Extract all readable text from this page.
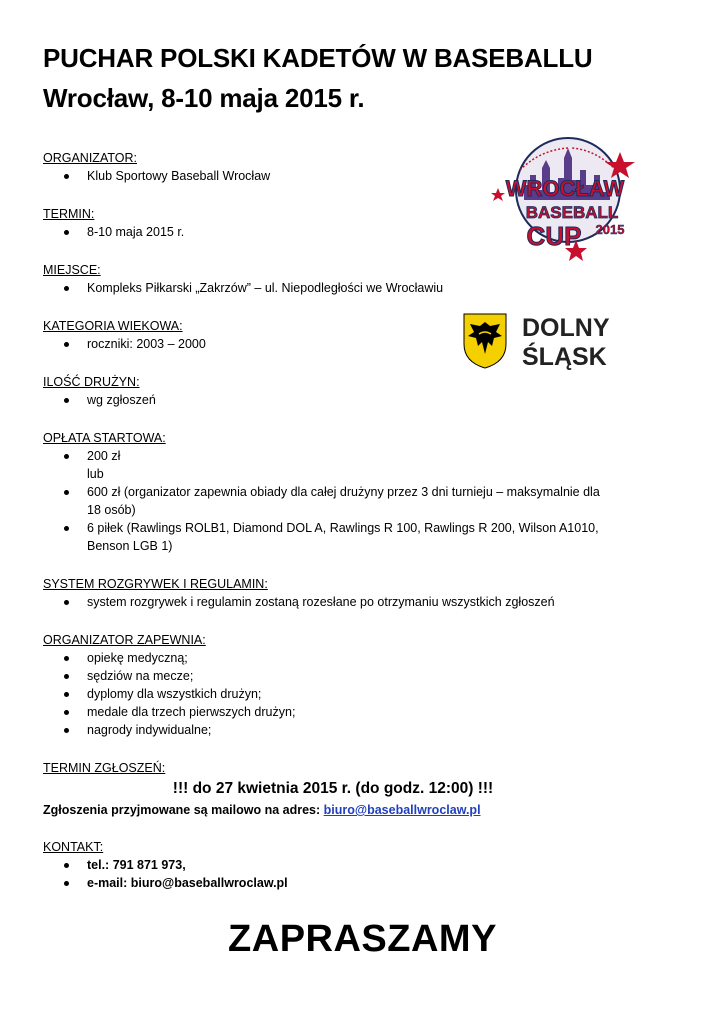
PUCHAR POLSKI KADETÓW W BASEBALLU
Wrocław, 8-10 maja 2015 r.
WROCŁAW
BASEBALL
CUP 2015
DOLNY
ŚLĄSK
ORGANIZATOR:
Klub Sportowy Baseball Wrocław
TERMIN:
8-10 maja 2015 r.
MIEJSCE:
Kompleks Piłkarski „Zakrzów” – ul. Niepodległości we Wrocławiu
KATEGORIA WIEKOWA:
roczniki: 2003 – 2000
ILOŚĆ DRUŻYN:
wg zgłoszeń
OPŁATA STARTOWA:
200 zł
lub
600 zł (organizator zapewnia obiady dla całej drużyny przez 3 dni turnieju – maksymalnie dla
18 osób)
6 piłek (Rawlings ROLB1, Diamond DOL A, Rawlings R 100, Rawlings R 200, Wilson A1010,
Benson LGB 1)
SYSTEM ROZGRYWEK I REGULAMIN:
system rozgrywek i regulamin zostaną rozesłane po otrzymaniu wszystkich zgłoszeń
ORGANIZATOR ZAPEWNIA:
opiekę medyczną;
sędziów na mecze;
dyplomy dla wszystkich drużyn;
medale dla trzech pierwszych drużyn;
nagrody indywidualne;
TERMIN ZGŁOSZEŃ:
!!! do 27 kwietnia 2015 r. (do godz. 12:00) !!!
Zgłoszenia przyjmowane są mailowo na adres: biuro@baseballwroclaw.pl
KONTAKT:
tel.: 791 871 973,
e-mail: biuro@baseballwroclaw.pl
ZAPRASZAMY
